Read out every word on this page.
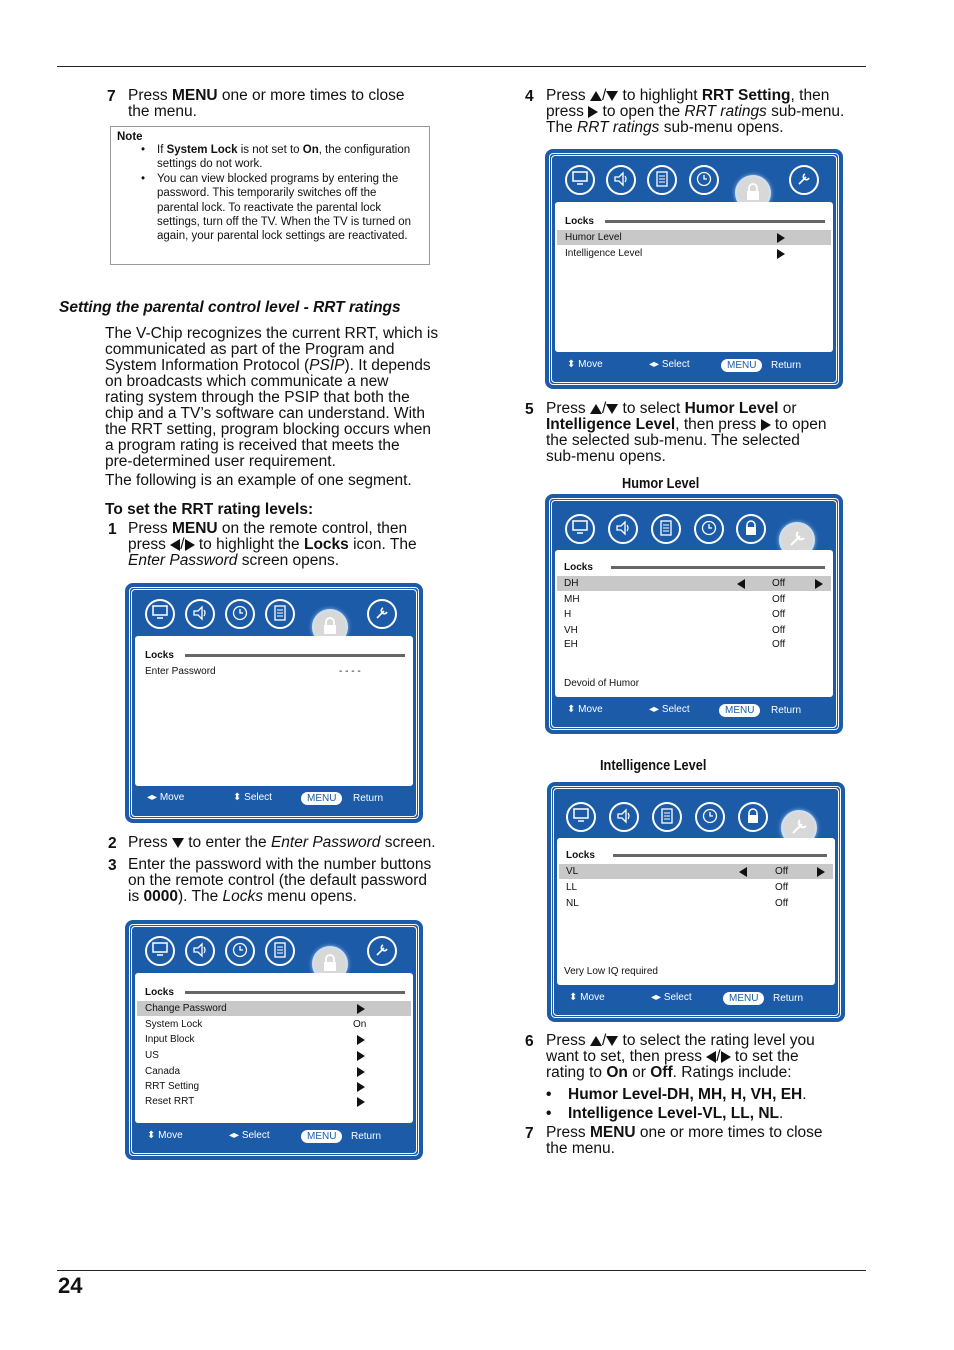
24
7 Press MENU one or more times to close
the menu.
Note
• If System Lock is not set to On, the configuration settings do not work.
• You can view blocked programs by entering the password. This temporarily switches off the parental lock. To reactivate the parental lock settings, turn off the TV. When the TV is turned on again, your parental lock settings are reactivated.
Setting the parental control level - RRT ratings
The V-Chip recognizes the current RRT, which is
communicated as part of the Program and
System Information Protocol (PSIP). It depends
on broadcasts which communicate a new
rating system through the PSIP that both the
chip and a TV’s software can understand. With
the RRT setting, program blocking occurs when
a program rating is received that meets the
pre-determined user requirement.
The following is an example of one segment.
To set the RRT rating levels:
1 Press MENU on the remote control, then
press / to highlight the Locks icon. The
Enter Password screen opens.
Locks
Enter Password	- - - -
◂▸ Move	⬍ Select	MENU	Return
2 Press  to enter the Enter Password screen.
3 Enter the password with the number buttons
on the remote control (the default password
is 0000). The Locks menu opens.
Locks
Change Password
System Lock	On
Input Block
US
Canada
RRT Setting
Reset RRT
⬍ Move	◂▸ Select	MENU	Return
4 Press / to highlight RRT Setting, then
press  to open the RRT ratings sub-menu.
The RRT ratings sub-menu opens.
Locks
Humor Level
Intelligence Level
⬍ Move	◂▸ Select	MENU	Return
5 Press / to select Humor Level or
Intelligence Level, then press  to open
the selected sub-menu. The selected
sub-menu opens.
Humor Level
Locks
DH	Off
MH	Off
H	Off
VH	Off
EH	Off
Devoid of Humor
⬍ Move	◂▸ Select	MENU	Return
Intelligence Level
Locks
VL	Off
LL	Off
NL	Off
Very Low IQ required
⬍ Move	◂▸ Select	MENU	Return
6 Press / to select the rating level you
want to set, then press / to set the
rating to On or Off. Ratings include:
• Humor Level-DH, MH, H, VH, EH.
• Intelligence Level-VL, LL, NL.
7 Press MENU one or more times to close
the menu.
